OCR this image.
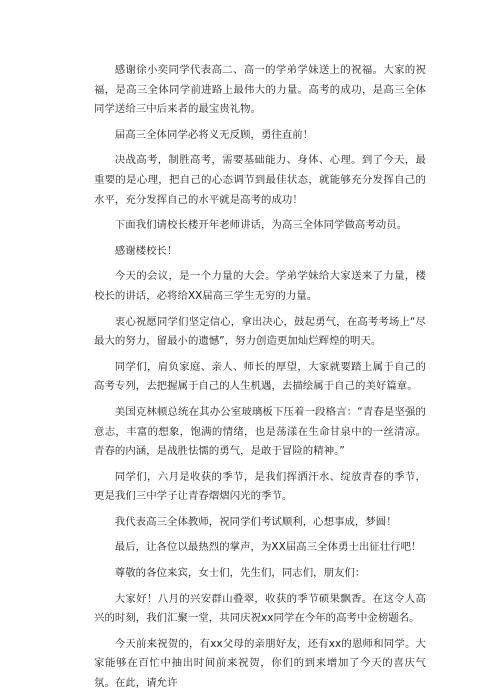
感谢徐小奕同学代表高二、高一的学弟学妹送上的祝福。大家的祝福，是高三全体同学前进路上最伟大的力量。高考的成功，是高三全体同学送给三中后来者的最宝贵礼物。

届高三全体同学必将义无反顾，勇往直前！

决战高考，制胜高考，需要基础能力、身体、心理。到了今天，最重要的是心理，把自己的心态调节到最佳状态，就能够充分发挥自己的水平，充分发挥自己的水平就是高考的成功！

下面我们请校长楼开年老师讲话，为高三全体同学做高考动员。

感谢楼校长！

今天的会议，是一个力量的大会。学弟学妹给大家送来了力量，楼校长的讲话，必将给XX届高三学生无穷的力量。

衷心祝愿同学们坚定信心，拿出决心，鼓起勇气，在高考考场上“尽最大的努力，留最小的遗憾”，努力创造更加灿烂辉煌的明天。

同学们，肩负家庭、亲人、师长的厚望，大家就要踏上属于自己的高考专列，去把握属于自己的人生机遇，去描绘属于自己的美好篇章。

美国克林顿总统在其办公室玻璃板下压着一段格言：“青春是坚强的意志，丰富的想象，饱满的情绪，也是荡漾在生命甘泉中的一丝清凉。青春的内涵，是战胜怯懦的勇气，是敢于冒险的精神。”

同学们，六月是收获的季节，是我们挥洒汗水、绽放青春的季节，更是我们三中学子让青春熠熠闪光的季节。

我代表高三全体教师，祝同学们考试顺利，心想事成，梦圆！

最后，让各位以最热烈的掌声，为XX届高三全体勇士出征壮行吧！

尊敬的各位来宾，女士们，先生们，同志们，朋友们：

大家好！八月的兴安群山叠翠，收获的季节硕果飘香。在这令人高兴的时刻，我们汇聚一堂，共同庆祝xx同学在今年的高考中金榜题名。

今天前来祝贺的，有xx父母的亲朋好友，还有xx的恩师和同学。大家能够在百忙中抽出时间前来祝贺，你们的到来增加了今天的喜庆气氛。在此，请允许
